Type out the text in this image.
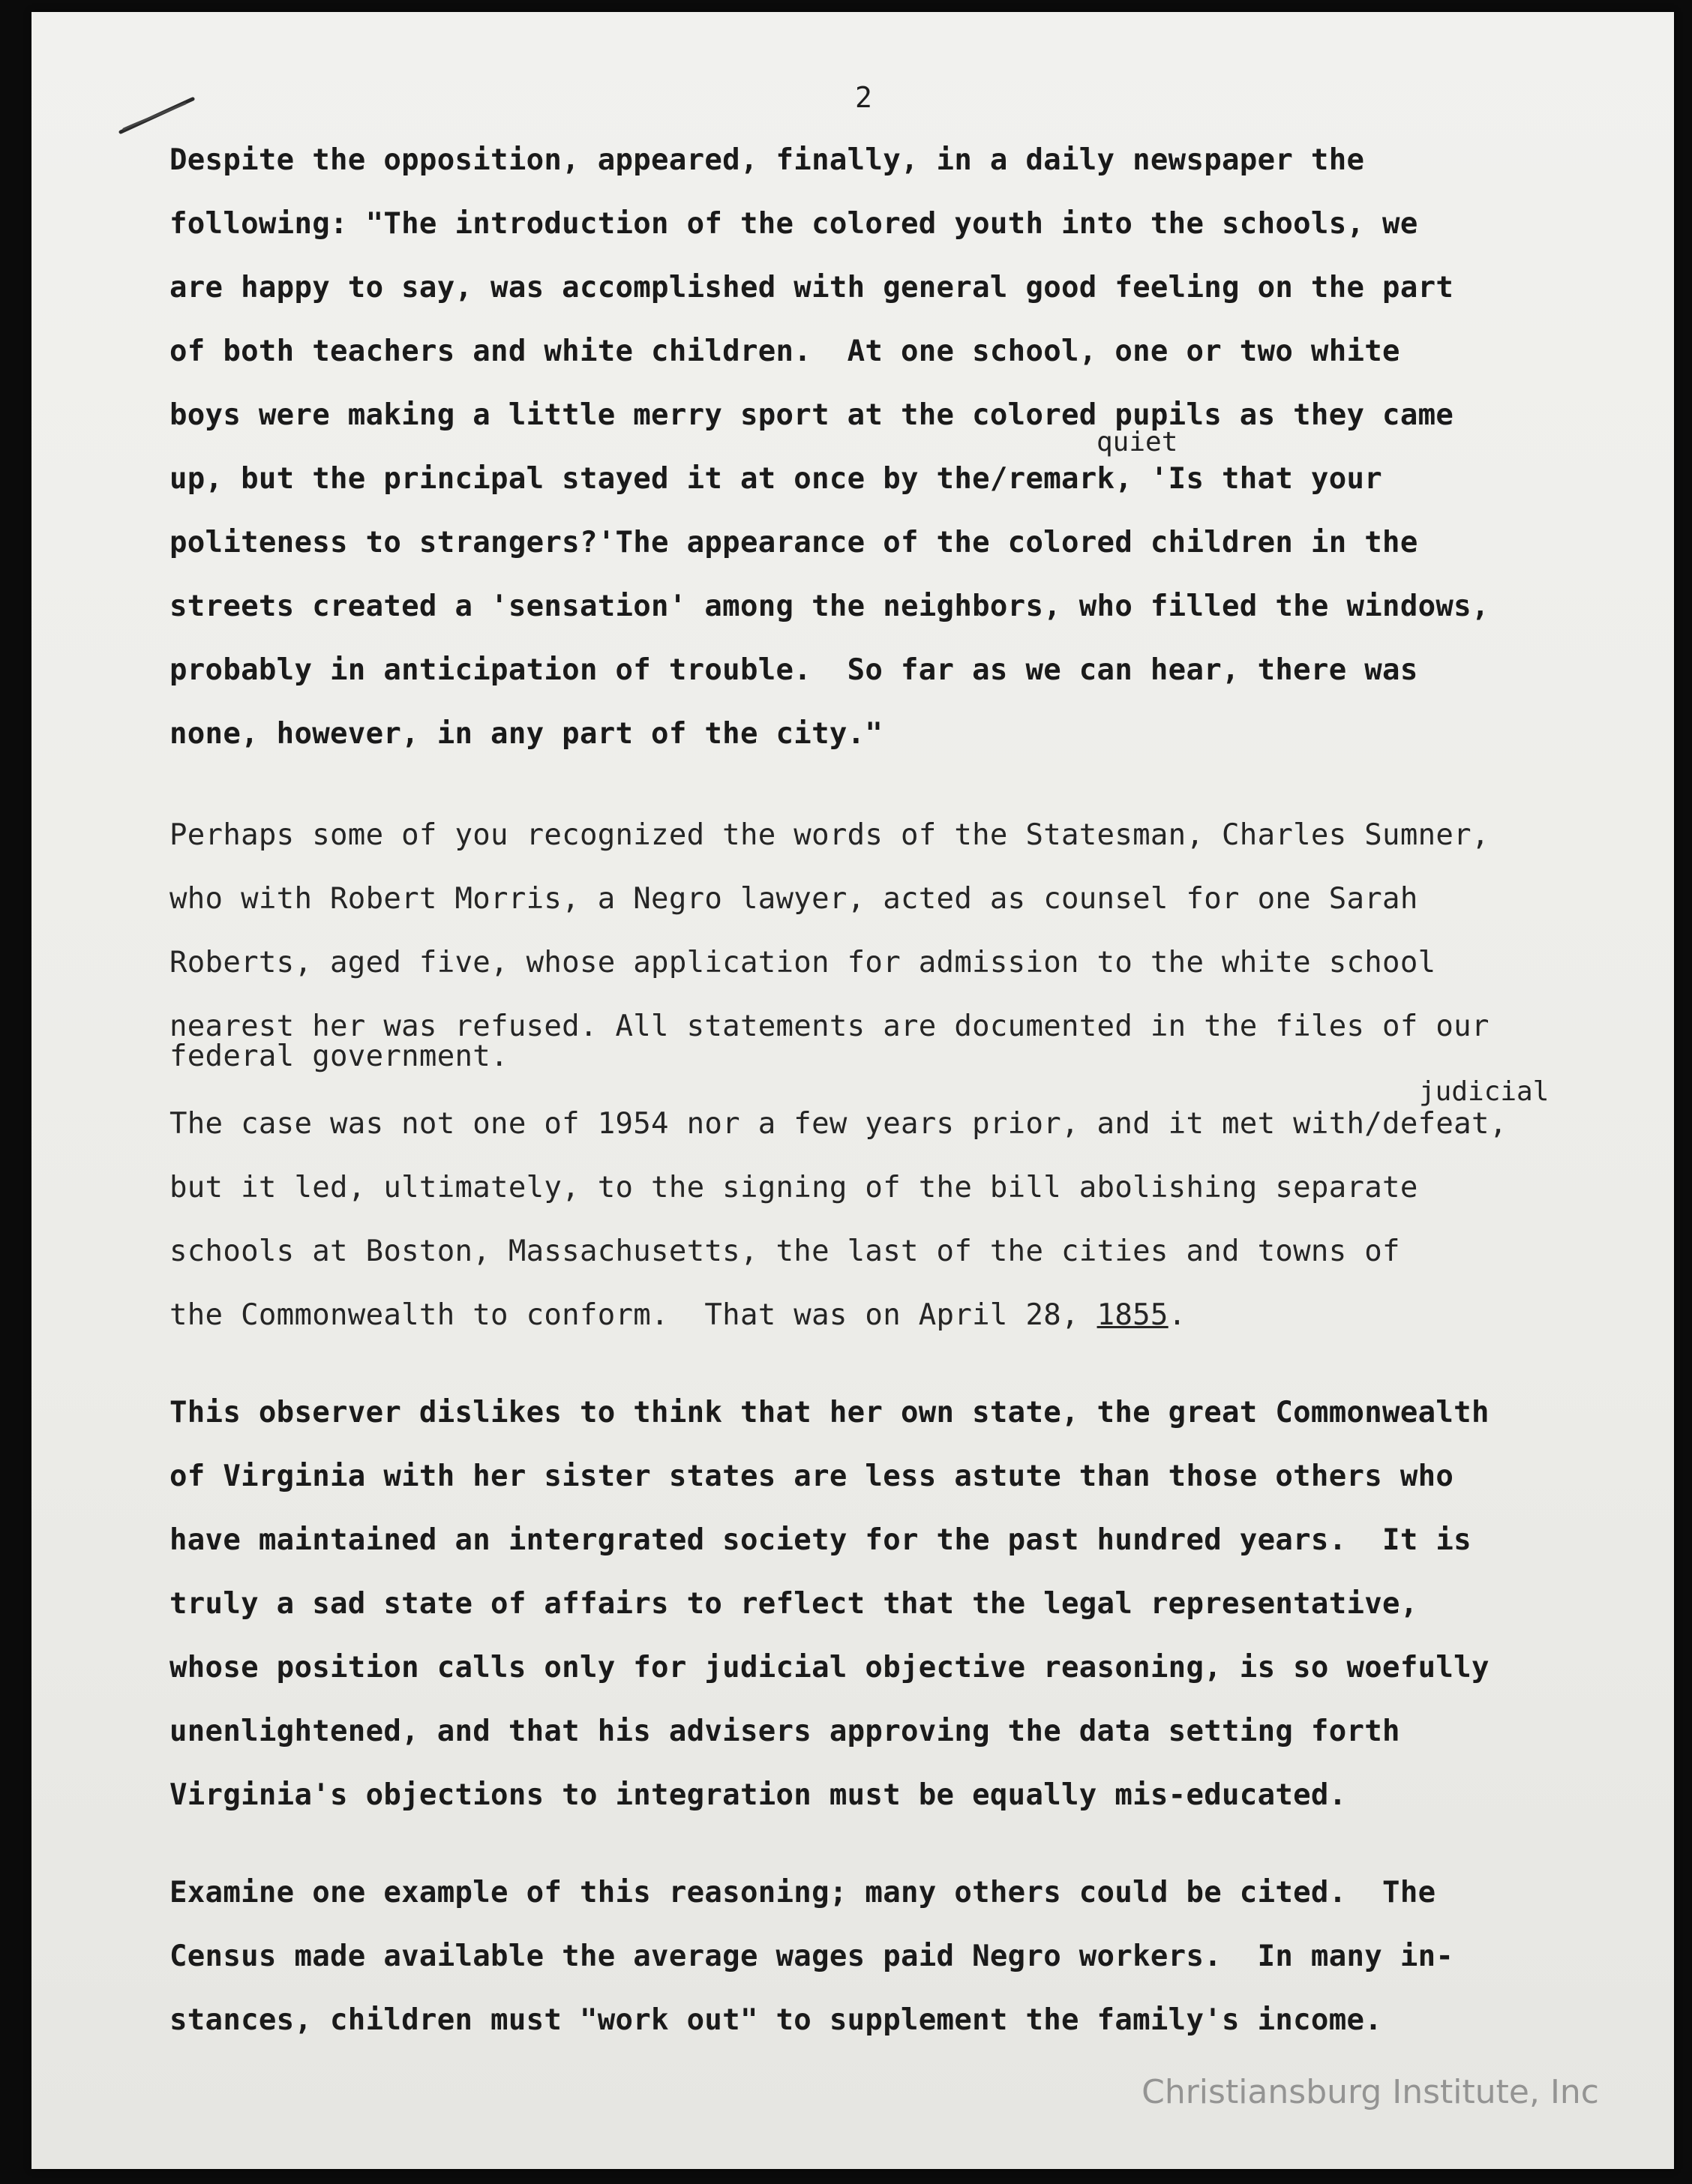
2

Despite the opposition, appeared, finally, in a daily newspaper the

following: "The introduction of the colored youth into the schools, we

are happy to say, was accomplished with general good feeling on the part

of both teachers and white children.  At one school, one or two white

boys were making a little merry sport at the colored pupils as they came

quiet

up, but the principal stayed it at once by the/remark, 'Is that your

politeness to strangers?'The appearance of the colored children in the

streets created a 'sensation' among the neighbors, who filled the windows,

probably in anticipation of trouble.  So far as we can hear, there was

none, however, in any part of the city."

Perhaps some of you recognized the words of the Statesman, Charles Sumner,

who with Robert Morris, a Negro lawyer, acted as counsel for one Sarah

Roberts, aged five, whose application for admission to the white school

nearest her was refused. All statements are documented in the files of our

federal government.

judicial

The case was not one of 1954 nor a few years prior, and it met with/defeat,

but it led, ultimately, to the signing of the bill abolishing separate

schools at Boston, Massachusetts, the last of the cities and towns of

the Commonwealth to conform.  That was on April 28, 1855.

This observer dislikes to think that her own state, the great Commonwealth

of Virginia with her sister states are less astute than those others who

have maintained an intergrated society for the past hundred years.  It is

truly a sad state of affairs to reflect that the legal representative,

whose position calls only for judicial objective reasoning, is so woefully

unenlightened, and that his advisers approving the data setting forth

Virginia's objections to integration must be equally mis-educated.

Examine one example of this reasoning; many others could be cited.  The

Census made available the average wages paid Negro workers.  In many in-

stances, children must "work out" to supplement the family's income.

Christiansburg Institute, Inc
